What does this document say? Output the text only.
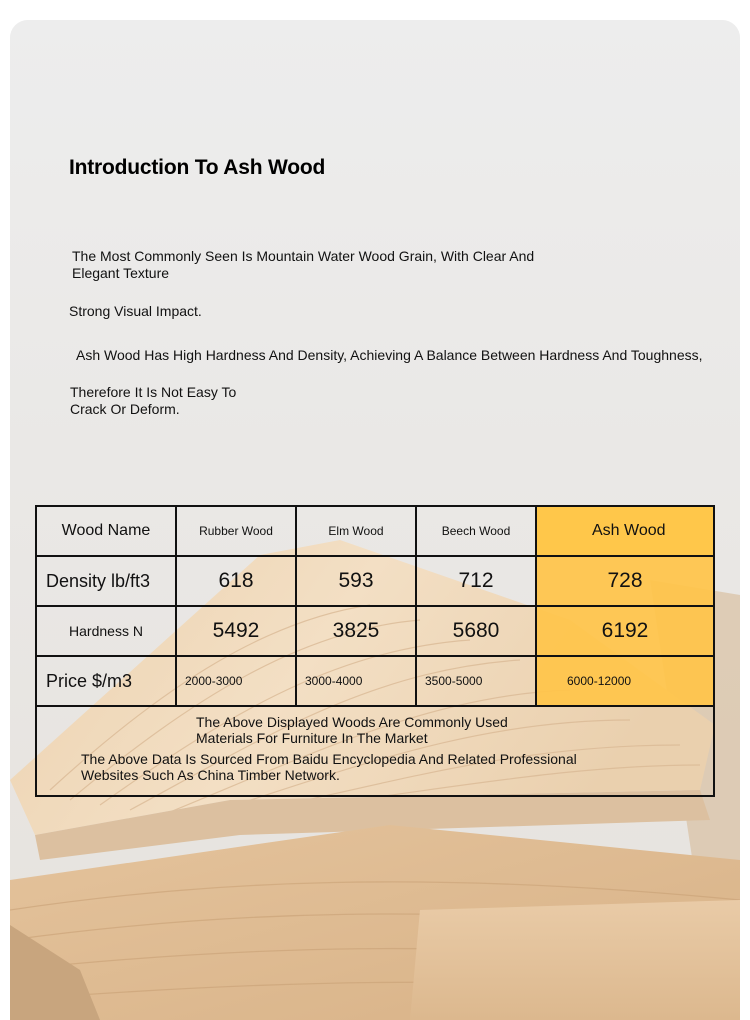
Introduction To Ash Wood
The Most Commonly Seen Is Mountain Water Wood Grain, With Clear And
Elegant Texture
Strong Visual Impact.
Ash Wood Has High Hardness And Density, Achieving A Balance Between Hardness And Toughness,
Therefore It Is Not Easy To
Crack Or Deform.
Wood Name	Rubber Wood	Elm Wood	Beech Wood	Ash Wood
Density lb/ft3	618	593	712	728
Hardness N	5492	3825	5680	6192
Price $/m3	2000-3000	3000-4000	3500-5000	6000-12000
The Above Displayed Woods Are Commonly Used
Materials For Furniture In The Market
The Above Data Is Sourced From Baidu Encyclopedia And Related Professional
Websites Such As China Timber Network.
